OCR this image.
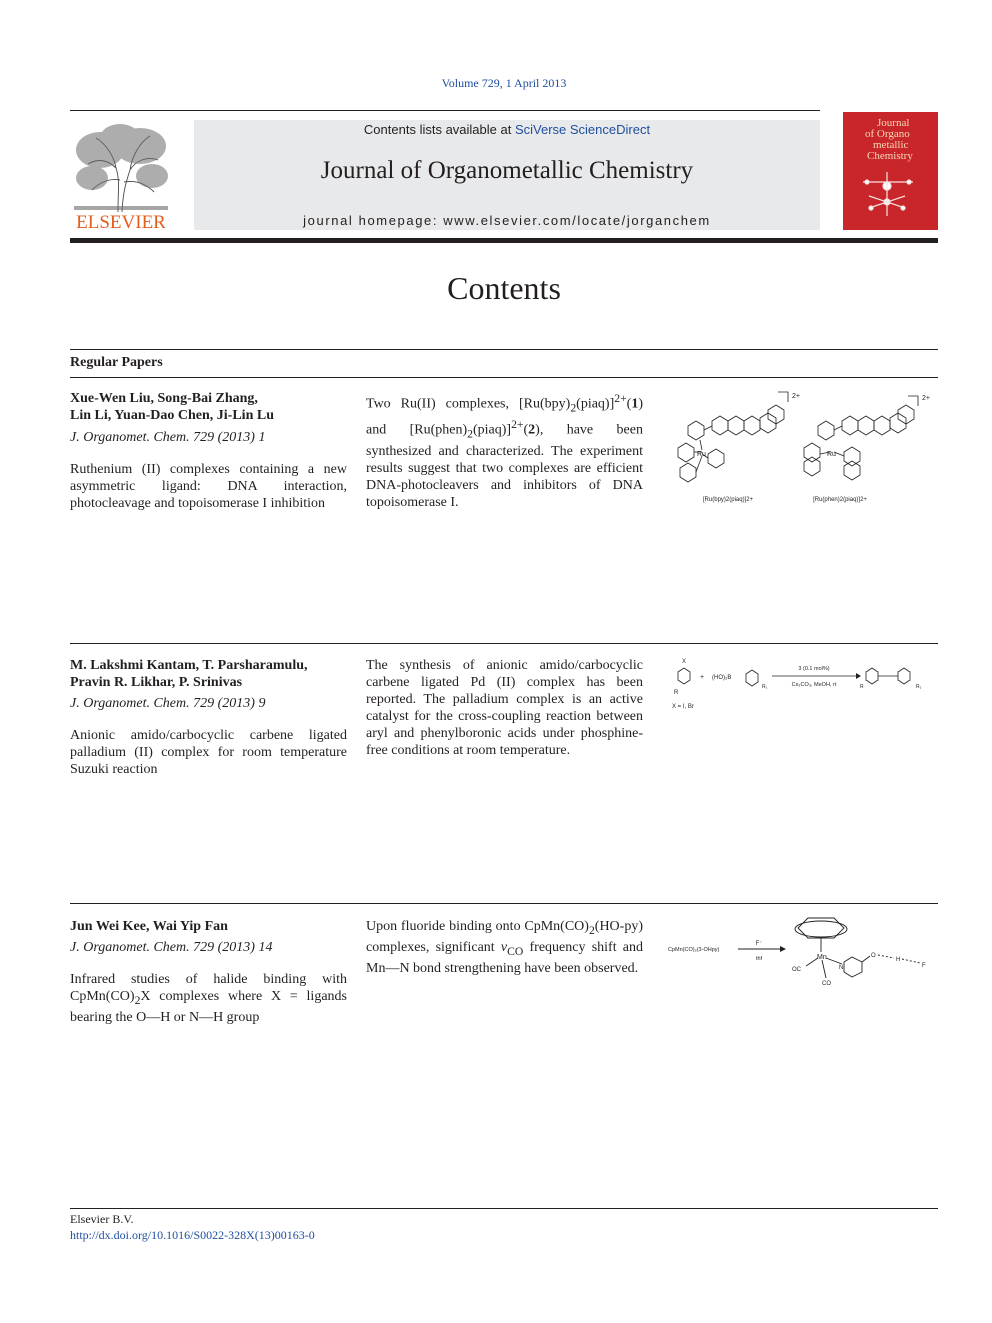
Volume 729, 1 April 2013
ELSEVIER
Contents lists available at SciVerse ScienceDirect
Journal of Organometallic Chemistry
journal homepage: www.elsevier.com/locate/jorganchem
Journal
of Organo
metallic
Chemistry
Contents
Regular Papers
Xue-Wen Liu, Song-Bai Zhang,
Lin Li, Yuan-Dao Chen, Ji-Lin Lu
J. Organomet. Chem. 729 (2013) 1
Ruthenium (II) complexes containing a new asymmetric ligand: DNA interaction, photocleavage and topoisomerase I inhibition
Two Ru(II) complexes, $[Ru(bpy)_2(piaq)]^{2+}(1)$ and $[Ru(phen)_2(piaq)]^{2+}(2)$, have been synthesized and characterized. The experiment results suggest that two complexes are efficient DNA-photocleavers and inhibitors of DNA topoisomerase I.
2+	2+
Ru	Ru
[Ru(bpy)2(piaq)]2+	[Ru(phen)2(piaq)]2+
M. Lakshmi Kantam, T. Parsharamulu,
Pravin R. Likhar, P. Srinivas
J. Organomet. Chem. 729 (2013) 9
Anionic amido/carbocyclic carbene ligated palladium (II) complex for room temperature Suzuki reaction
The synthesis of anionic amido/carbocyclic carbene ligated Pd (II) complex has been reported. The palladium complex is an active catalyst for the cross-coupling reaction between aryl and phenylboronic acids under phosphine-free conditions at room temperature.
X
R
+ (HO)₂B
R₁
3 (0.1 mol%)
Cs₂CO₃, MeOH, rt	R	R₁
X = I, Br
Jun Wei Kee, Wai Yip Fan
J. Organomet. Chem. 729 (2013) 14
Infrared studies of halide binding with $CpMn(CO)_2X$ complexes where X = ligands bearing the O—H or N—H group
Upon fluoride binding onto $CpMn(CO)_2(HO-py)$ complexes, significant $\nu_{CO}$ frequency shift and Mn—N bond strengthening have been observed.
CpMn(CO)₂(3-OHpy)
F⁻
thf	Mn
OC
CO
N
O
H
F
Elsevier B.V.
http://dx.doi.org/10.1016/S0022-328X(13)00163-0
